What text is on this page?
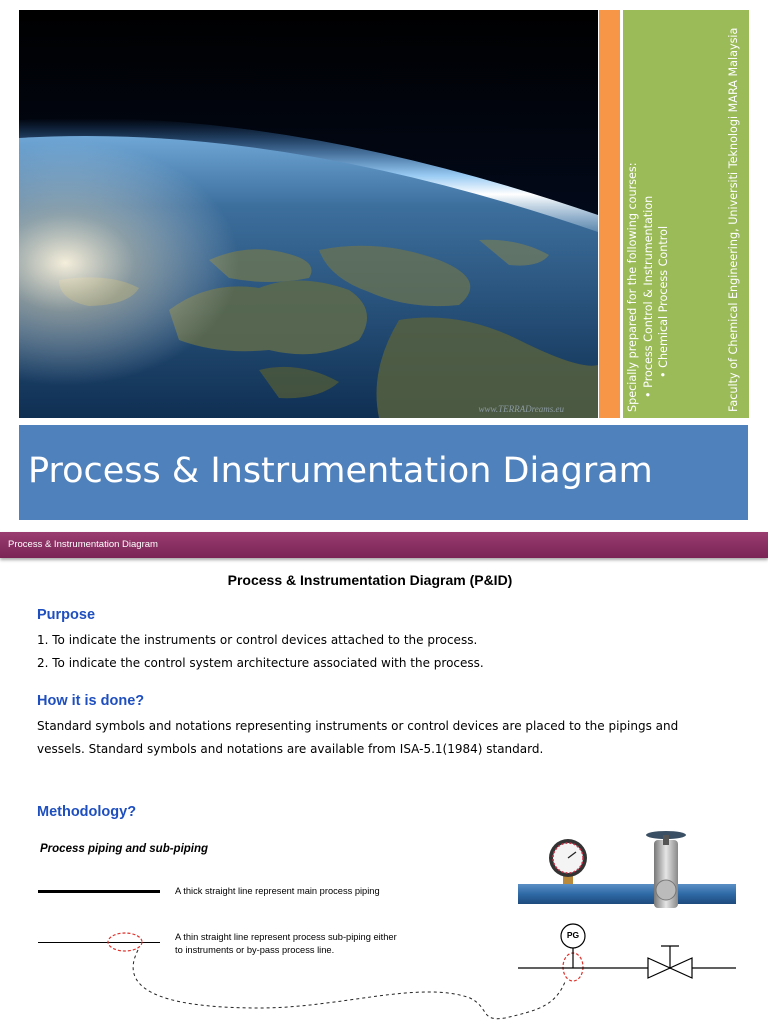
www.TERRADreams.eu	Specially prepared for the following courses: • Process Control & Instrumentation • Chemical Process Control	Faculty of Chemical Engineering, Universiti Teknologi MARA Malaysia
Process & Instrumentation Diagram
Process & Instrumentation Diagram
Process & Instrumentation Diagram (P&ID)
Purpose
1. To indicate the instruments or control devices attached to the process.
2. To indicate the control system architecture associated with the process.
How it is done?
Standard symbols and notations representing instruments or control devices are placed to the pipings and
vessels. Standard symbols and notations are available from ISA-5.1(1984) standard.
Methodology?
Process piping and sub-piping
A thick straight line represent main process piping
A thin straight line represent process sub-piping either
to instruments or by-pass process line.
PG
